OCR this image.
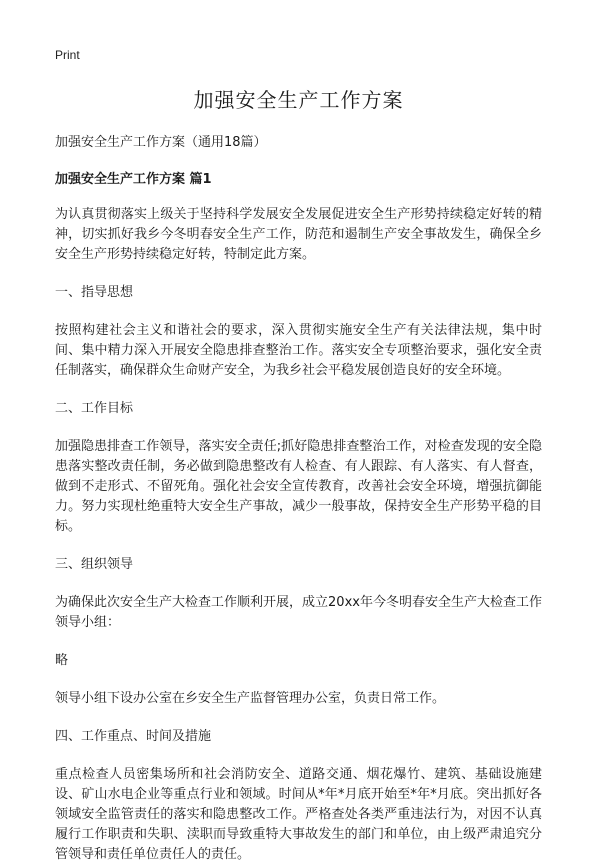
Print
加强安全生产工作方案
加强安全生产工作方案（通用18篇）
加强安全生产工作方案 篇1

为认真贯彻落实上级关于坚持科学发展安全发展促进安全生产形势持续稳定好转的精神，切实抓好我乡今冬明春安全生产工作，防范和遏制生产安全事故发生，确保全乡安全生产形势持续稳定好转，特制定此方案。

一、指导思想

按照构建社会主义和谐社会的要求，深入贯彻实施安全生产有关法律法规，集中时间、集中精力深入开展安全隐患排查整治工作。落实安全专项整治要求，强化安全责任制落实，确保群众生命财产安全，为我乡社会平稳发展创造良好的安全环境。

二、工作目标

加强隐患排查工作领导，落实安全责任;抓好隐患排查整治工作，对检查发现的安全隐患落实整改责任制，务必做到隐患整改有人检查、有人跟踪、有人落实、有人督查，做到不走形式、不留死角。强化社会安全宣传教育，改善社会安全环境，增强抗御能力。努力实现杜绝重特大安全生产事故，减少一般事故，保持安全生产形势平稳的目标。

三、组织领导

为确保此次安全生产大检查工作顺利开展，成立20xx年今冬明春安全生产大检查工作领导小组：

略

领导小组下设办公室在乡安全生产监督管理办公室，负责日常工作。

四、工作重点、时间及措施

重点检查人员密集场所和社会消防安全、道路交通、烟花爆竹、建筑、基础设施建设、矿山水电企业等重点行业和领域。时间从*年*月底开始至*年*月底。突出抓好各领域安全监管责任的落实和隐患整改工作。严格查处各类严重违法行为，对因不认真履行工作职责和失职、渎职而导致重特大事故发生的部门和单位，由上级严肃追究分管领导和责任单位责任人的责任。
